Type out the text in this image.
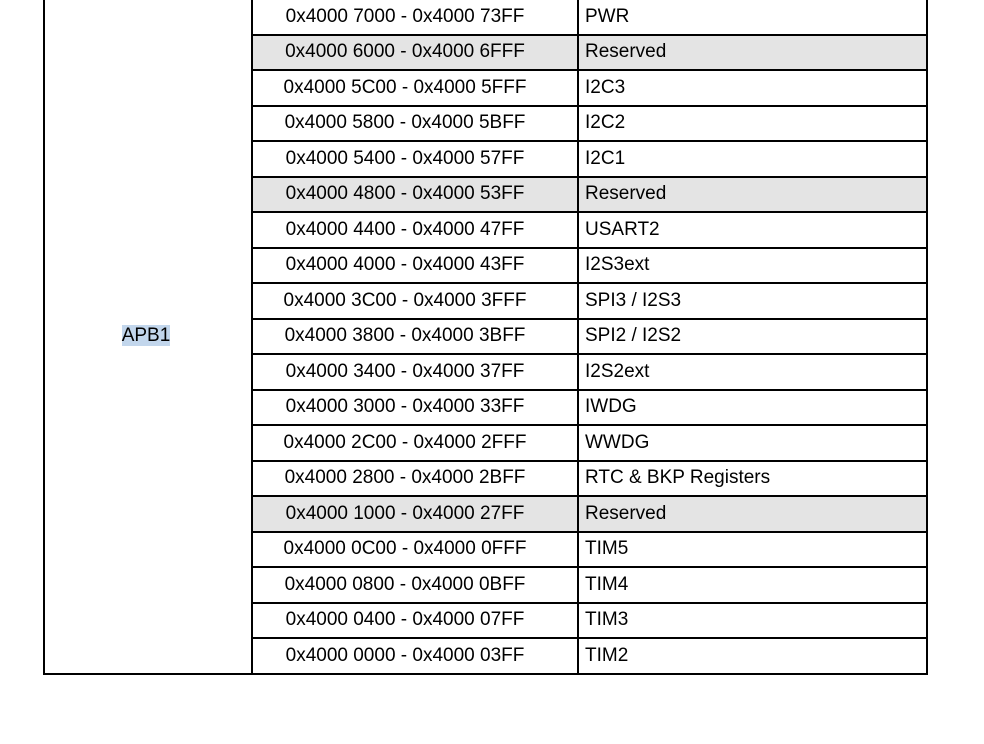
APB1	0x4000 7000 - 0x4000 73FF	PWR
	0x4000 6000 - 0x4000 6FFF	Reserved
	0x4000 5C00 - 0x4000 5FFF	I2C3
	0x4000 5800 - 0x4000 5BFF	I2C2
	0x4000 5400 - 0x4000 57FF	I2C1
	0x4000 4800 - 0x4000 53FF	Reserved
	0x4000 4400 - 0x4000 47FF	USART2
	0x4000 4000 - 0x4000 43FF	I2S3ext
	0x4000 3C00 - 0x4000 3FFF	SPI3 / I2S3
	0x4000 3800 - 0x4000 3BFF	SPI2 / I2S2
	0x4000 3400 - 0x4000 37FF	I2S2ext
	0x4000 3000 - 0x4000 33FF	IWDG
	0x4000 2C00 - 0x4000 2FFF	WWDG
	0x4000 2800 - 0x4000 2BFF	RTC & BKP Registers
	0x4000 1000 - 0x4000 27FF	Reserved
	0x4000 0C00 - 0x4000 0FFF	TIM5
	0x4000 0800 - 0x4000 0BFF	TIM4
	0x4000 0400 - 0x4000 07FF	TIM3
	0x4000 0000 - 0x4000 03FF	TIM2
